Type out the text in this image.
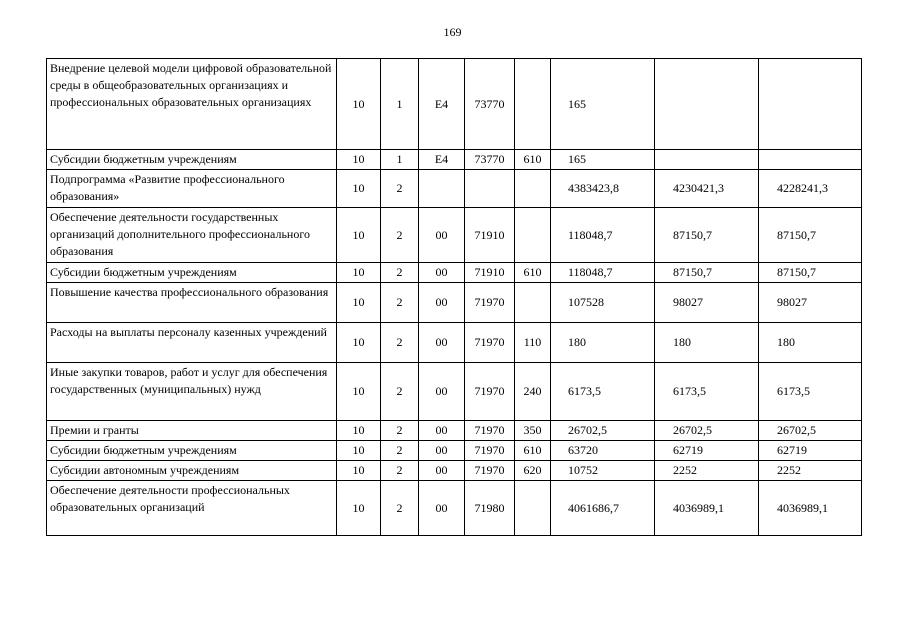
169
Внедрение целевой модели цифровой образовательной среды в общеобразовательных организациях и профессиональных образовательных организациях	10	1	Е4	73770		165		
Субсидии бюджетным учреждениям	10	1	Е4	73770	610	165		
Подпрограмма «Развитие профессионального образования»	10	2				4383423,8	4230421,3	4228241,3
Обеспечение деятельности государственных организаций дополнительного профессионального образования	10	2	00	71910		118048,7	87150,7	87150,7
Субсидии бюджетным учреждениям	10	2	00	71910	610	118048,7	87150,7	87150,7
Повышение качества профессионального образования	10	2	00	71970		107528	98027	98027
Расходы на выплаты персоналу казенных учреждений	10	2	00	71970	110	180	180	180
Иные закупки товаров, работ и услуг для обеспечения государственных (муниципальных) нужд	10	2	00	71970	240	6173,5	6173,5	6173,5
Премии и гранты	10	2	00	71970	350	26702,5	26702,5	26702,5
Субсидии бюджетным учреждениям	10	2	00	71970	610	63720	62719	62719
Субсидии автономным учреждениям	10	2	00	71970	620	10752	2252	2252
Обеспечение деятельности профессиональных образовательных организаций	10	2	00	71980		4061686,7	4036989,1	4036989,1
